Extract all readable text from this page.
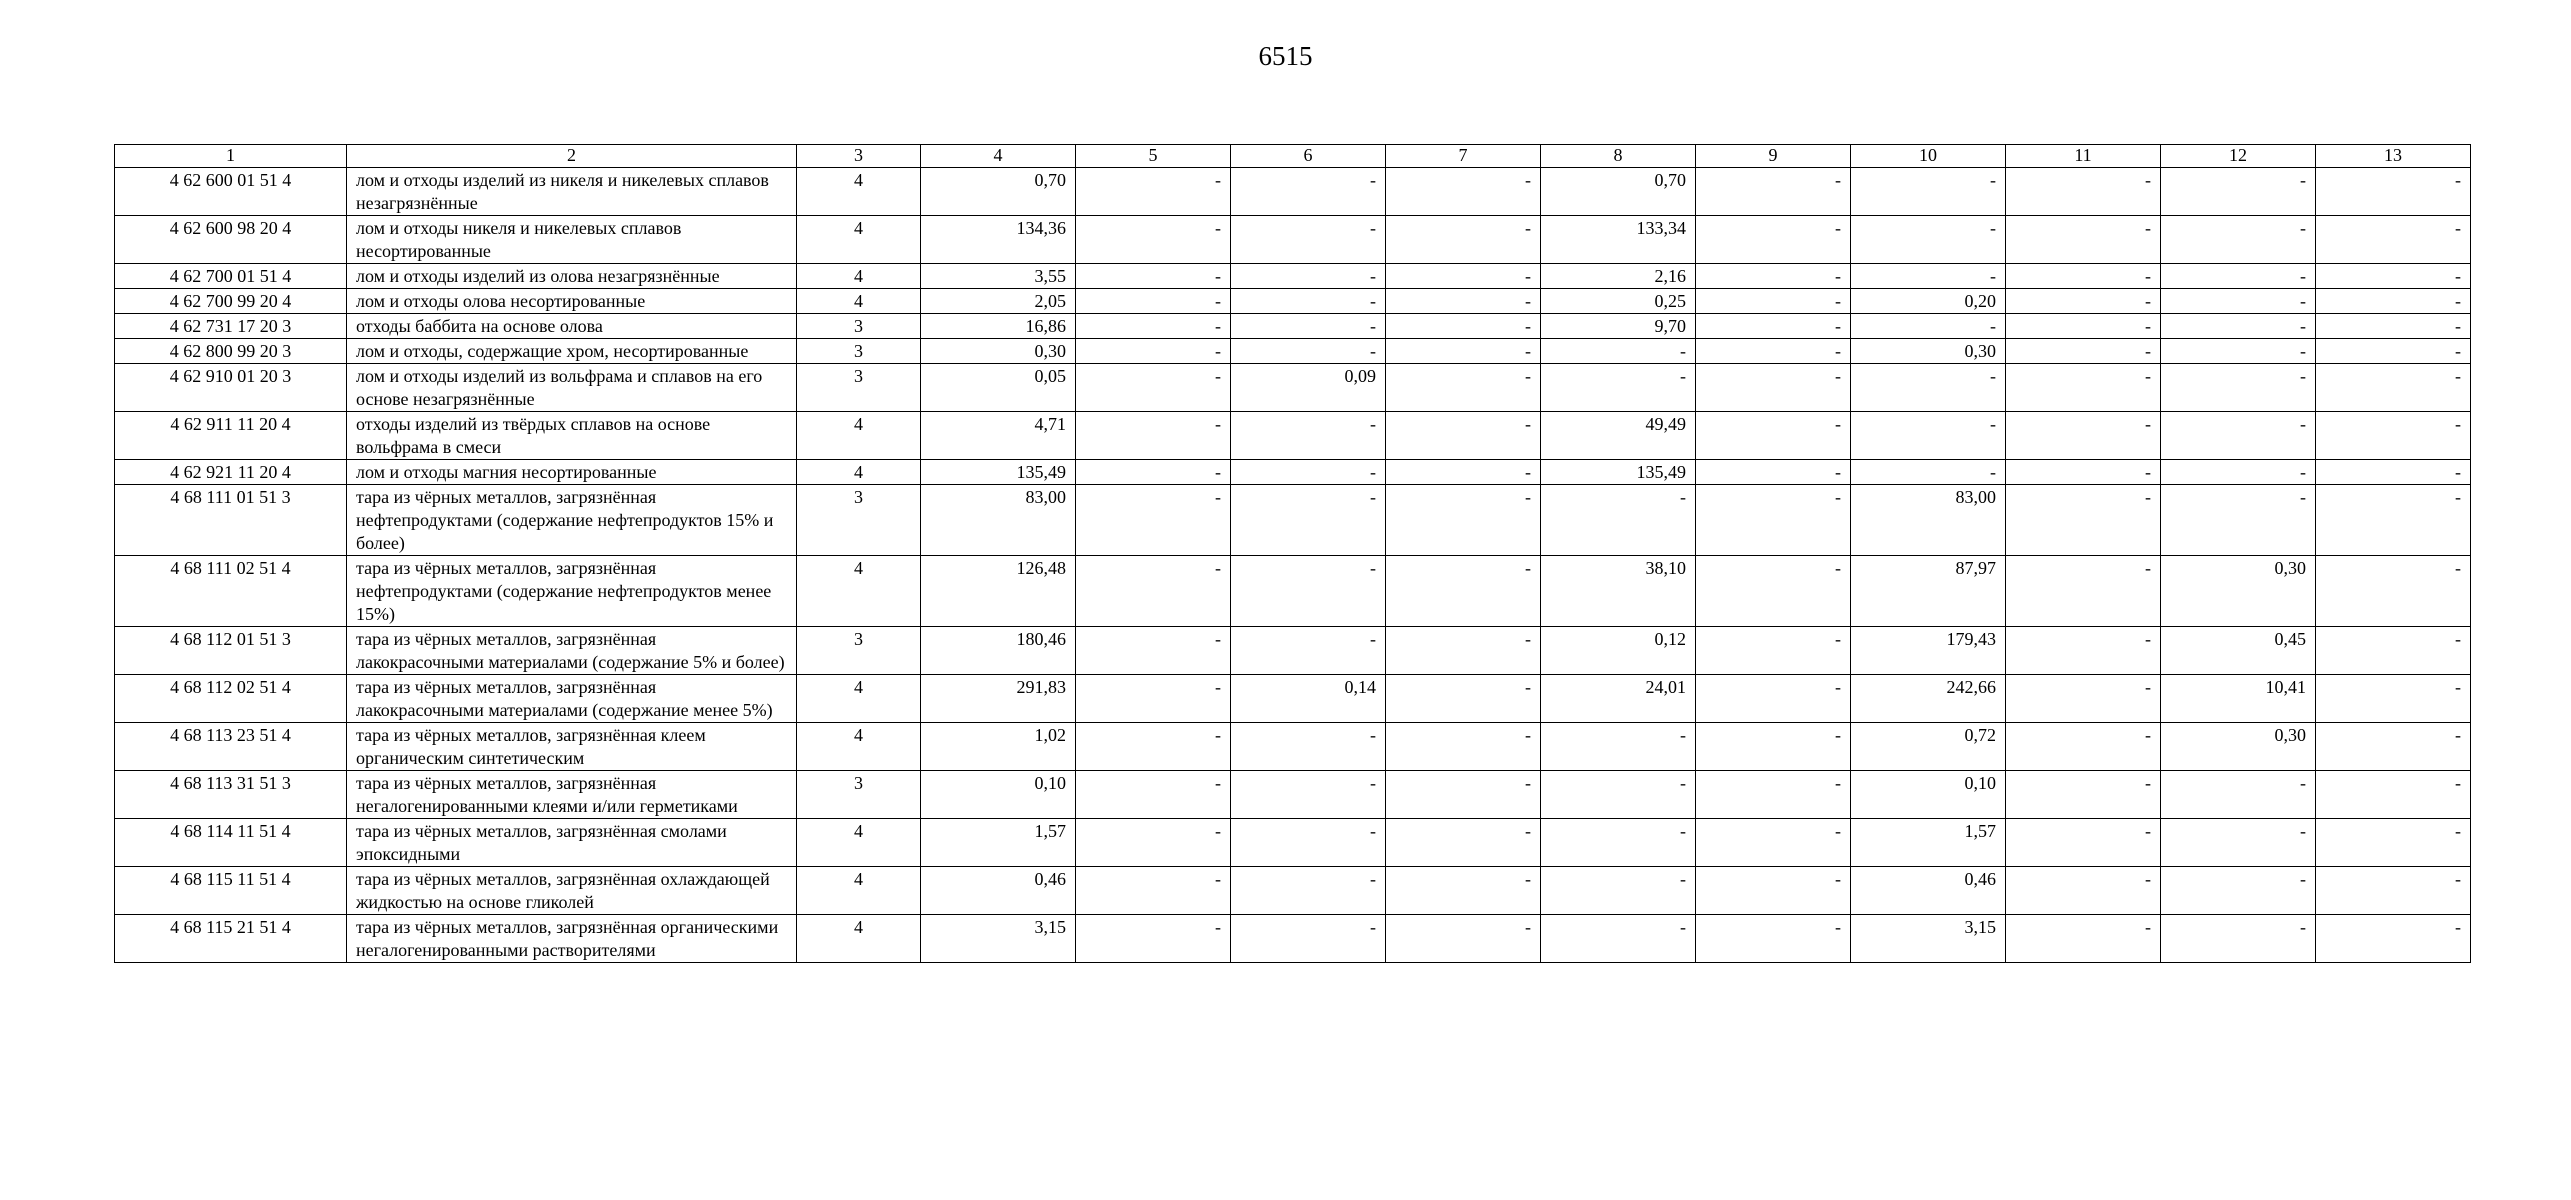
6515
1	2	3	4	5	6	7	8	9	10	11	12	13
4 62 600 01 51 4	лом и отходы изделий из никеля и никелевых сплавов незагрязнённые	4	0,70	-	-	-	0,70	-	-	-	-	-
4 62 600 98 20 4	лом и отходы никеля и никелевых сплавов несортированные	4	134,36	-	-	-	133,34	-	-	-	-	-
4 62 700 01 51 4	лом и отходы изделий из олова незагрязнённые	4	3,55	-	-	-	2,16	-	-	-	-	-
4 62 700 99 20 4	лом и отходы олова несортированные	4	2,05	-	-	-	0,25	-	0,20	-	-	-
4 62 731 17 20 3	отходы баббита на основе олова	3	16,86	-	-	-	9,70	-	-	-	-	-
4 62 800 99 20 3	лом и отходы, содержащие хром, несортированные	3	0,30	-	-	-	-	-	0,30	-	-	-
4 62 910 01 20 3	лом и отходы изделий из вольфрама и сплавов на его основе незагрязнённые	3	0,05	-	0,09	-	-	-	-	-	-	-
4 62 911 11 20 4	отходы изделий из твёрдых сплавов на основе вольфрама в смеси	4	4,71	-	-	-	49,49	-	-	-	-	-
4 62 921 11 20 4	лом и отходы магния несортированные	4	135,49	-	-	-	135,49	-	-	-	-	-
4 68 111 01 51 3	тара из чёрных металлов, загрязнённая нефтепродуктами (содержание нефтепродуктов 15% и более)	3	83,00	-	-	-	-	-	83,00	-	-	-
4 68 111 02 51 4	тара из чёрных металлов, загрязнённая нефтепродуктами (содержание нефтепродуктов менее 15%)	4	126,48	-	-	-	38,10	-	87,97	-	0,30	-
4 68 112 01 51 3	тара из чёрных металлов, загрязнённая лакокрасочными материалами (содержание 5% и более)	3	180,46	-	-	-	0,12	-	179,43	-	0,45	-
4 68 112 02 51 4	тара из чёрных металлов, загрязнённая лакокрасочными материалами (содержание менее 5%)	4	291,83	-	0,14	-	24,01	-	242,66	-	10,41	-
4 68 113 23 51 4	тара из чёрных металлов, загрязнённая клеем органическим синтетическим	4	1,02	-	-	-	-	-	0,72	-	0,30	-
4 68 113 31 51 3	тара из чёрных металлов, загрязнённая негалогенированными клеями и/или герметиками	3	0,10	-	-	-	-	-	0,10	-	-	-
4 68 114 11 51 4	тара из чёрных металлов, загрязнённая смолами эпоксидными	4	1,57	-	-	-	-	-	1,57	-	-	-
4 68 115 11 51 4	тара из чёрных металлов, загрязнённая охлаждающей жидкостью на основе гликолей	4	0,46	-	-	-	-	-	0,46	-	-	-
4 68 115 21 51 4	тара из чёрных металлов, загрязнённая органическими негалогенированными растворителями	4	3,15	-	-	-	-	-	3,15	-	-	-
